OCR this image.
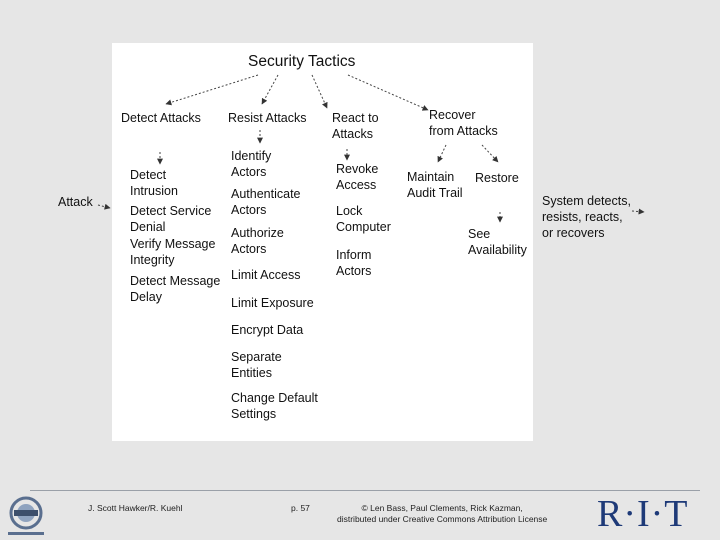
Security Tactics
Attack	System detects,
resists, reacts,
or recovers
Detect Attacks
Detect
Intrusion
Detect Service
Denial
Verify Message
Integrity
Detect Message
Delay
Resist Attacks
Identify
Actors
Authenticate
Actors
Authorize
Actors
Limit Access
Limit Exposure
Encrypt Data
Separate
Entities
Change Default
Settings
React to
Attacks
Revoke
Access
Lock
Computer
Inform
Actors
Recover
from Attacks
Maintain
Audit Trail
Restore
See
Availability
J. Scott Hawker/R. Kuehl	p. 57	© Len Bass, Paul Clements, Rick Kazman,
distributed under Creative Commons Attribution License R·I·T
